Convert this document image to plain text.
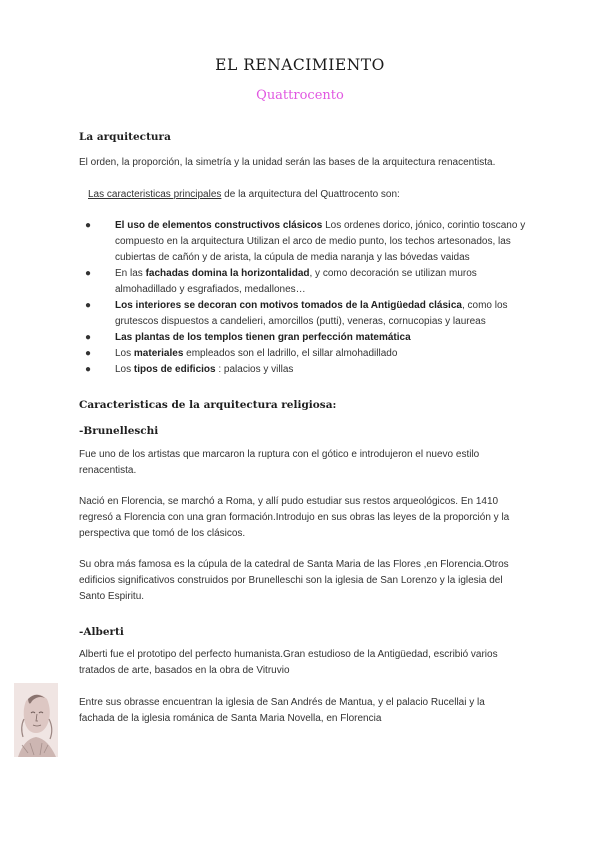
EL RENACIMIENTO
Quattrocento
La arquitectura
El orden, la proporción, la simetría y la unidad serán las bases de la arquitectura renacentista.
Las caracteristicas principales de la arquitectura del Quattrocento son:
● El uso de elementos constructivos clásicos Los ordenes dorico, jónico, corintio toscano y compuesto en la arquitectura Utilizan el arco de medio punto, los techos artesonados, las cubiertas de cañón y de arista, la cúpula de media naranja y las bóvedas vaidas
● En las fachadas domina la horizontalidad, y como decoración se utilizan muros almohadillado y esgrafiados, medallones…
● Los interiores se decoran con motivos tomados de la Antigüedad clásica, como los grutescos dispuestos a candelieri, amorcillos (putti), veneras, cornucopias y laureas
● Las plantas de los templos tienen gran perfección matemática
● Los materiales empleados son el ladrillo, el sillar almohadillado
● Los tipos de edificios : palacios y villas
Caracteristicas de la arquitectura religiosa:
-Brunelleschi
Fue uno de los artistas que marcaron la ruptura con el gótico e introdujeron el nuevo estilo renacentista.
Nació en Florencia, se marchó a Roma, y allí pudo estudiar sus restos arqueológicos. En 1410 regresó a Florencia con una gran formación.Introdujo en sus obras las leyes de la proporción y la perspectiva que tomó de los clásicos.
Su obra más famosa es la cúpula de la catedral de Santa Maria de las Flores ,en Florencia.Otros edificios significativos construidos por Brunelleschi son la iglesia de San Lorenzo y la iglesia del Santo Espiritu.
-Alberti
Alberti fue el prototipo del perfecto humanista.Gran estudioso de la Antigüedad, escribió varios tratados de arte, basados en la obra de Vitruvio
Entre sus obrasse encuentran la iglesia de San Andrés de Mantua, y el palacio Rucellai y la fachada de la iglesia románica de Santa Maria Novella, en Florencia
